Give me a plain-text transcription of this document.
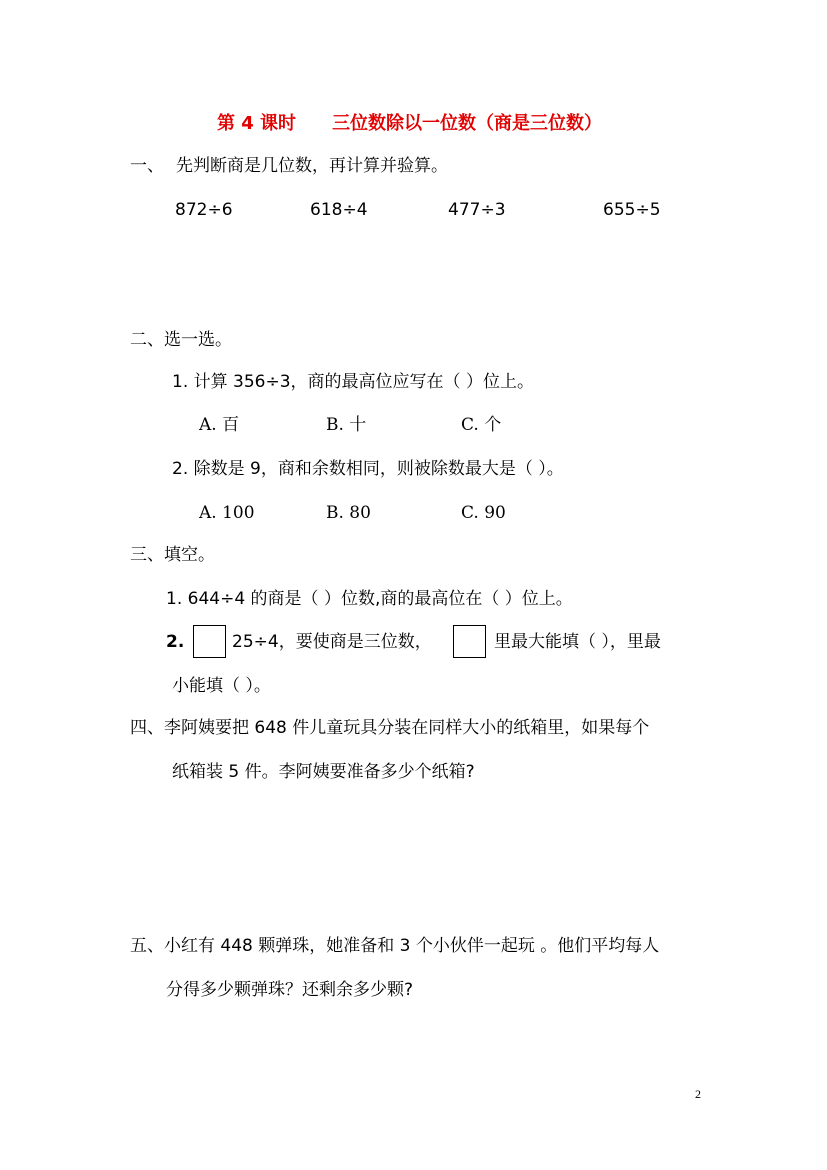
第 4 课时 三位数除以一位数（商是三位数）
一、 先判断商是几位数，再计算并验算。
872÷6	618÷4	477÷3	655÷5
二、选一选。
1. 计算 356÷3，商的最高位应写在（ ）位上。
A. 百	B. 十	C. 个
2. 除数是 9，商和余数相同，则被除数最大是（ ）。
A. 100	B. 80	C. 90
三、填空。
1. 644÷4 的商是（ ）位数,商的最高位在（ ）位上。
2.	25÷4，要使商是三位数，	里最大能填（ ），里最
小能填（ ）。
四、李阿姨要把 648 件儿童玩具分装在同样大小的纸箱里，如果每个
纸箱装 5 件。李阿姨要准备多少个纸箱?
五、小红有 448 颗弹珠，她准备和 3 个小伙伴一起玩 。他们平均每人
分得多少颗弹珠？还剩余多少颗?
2
